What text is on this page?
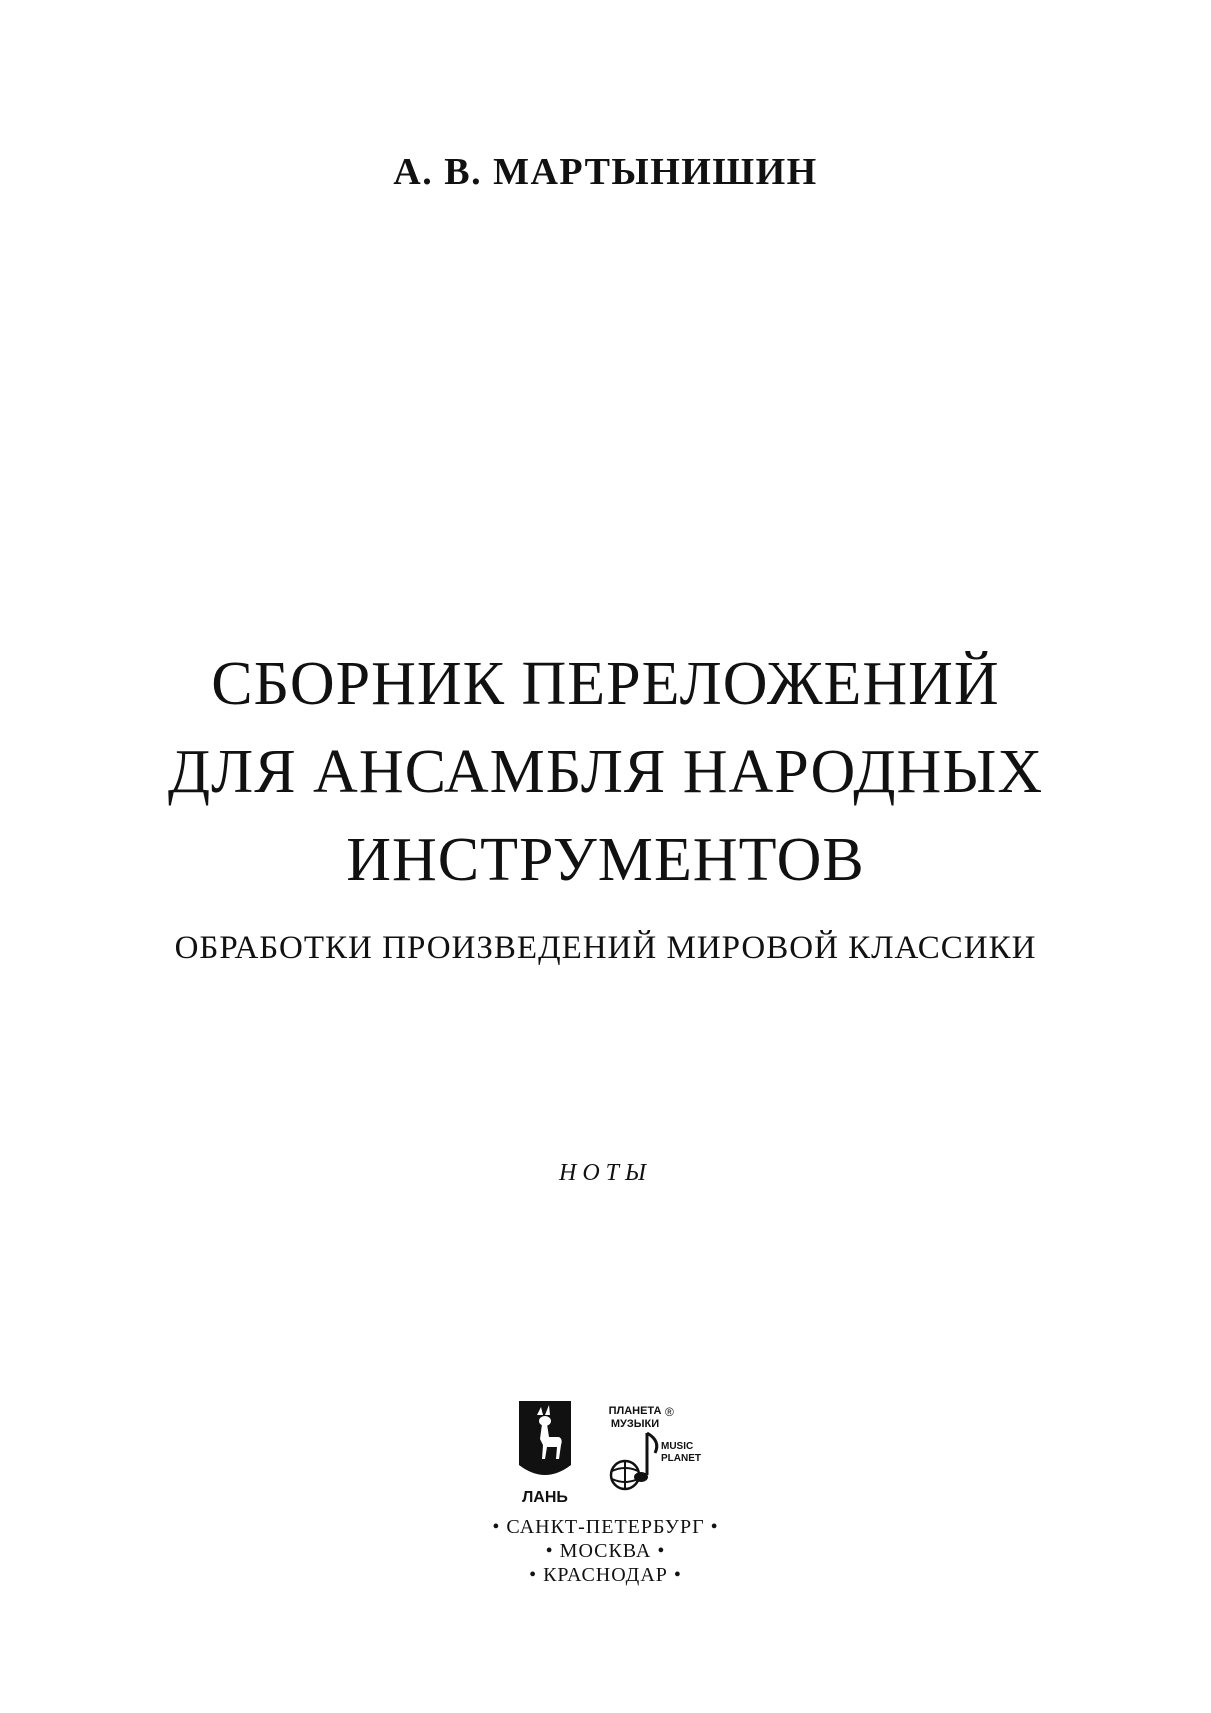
А. В. МАРТЫНИШИН
СБОРНИК ПЕРЕЛОЖЕНИЙ
ДЛЯ АНСАМБЛЯ НАРОДНЫХ
ИНСТРУМЕНТОВ
ОБРАБОТКИ ПРОИЗВЕДЕНИЙ МИРОВОЙ КЛАССИКИ
НОТЫ
ЛАНЬ
ПЛАНЕТА
МУЗЫКИ
®
MUSIC
PLANET
• САНКТ-ПЕТЕРБУРГ •
• МОСКВА •
• КРАСНОДАР •
